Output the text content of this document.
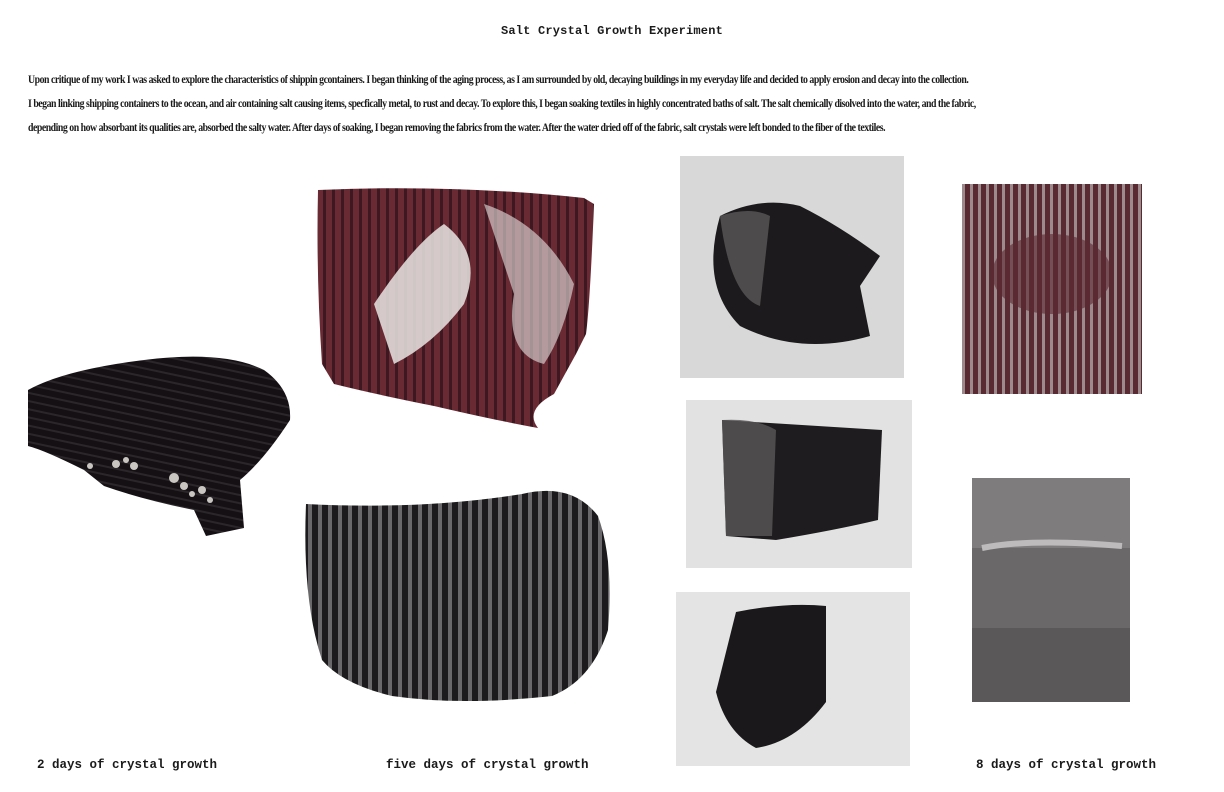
Salt Crystal Growth Experiment
Upon critique of my work I was asked to explore the characteristics of shippin gcontainers. I began thinking of the aging process, as I am surrounded by old, decaying buildings in my everyday life and decided to apply erosion and decay into the collection.
I began linking shipping containers to the ocean, and air containing salt causing items, specfically metal, to rust and decay. To explore this, I began soaking textiles in highly concentrated baths of salt. The salt chemically disolved into the water, and the fabric,
depending on how absorbant its qualities are, absorbed the salty water. After days of soaking, I began removing the fabrics from the water. After the water dried off of the fabric, salt crystals were left bonded to the fiber of the textiles.
2 days of crystal growth	five days of crystal growth	8 days of crystal growth
